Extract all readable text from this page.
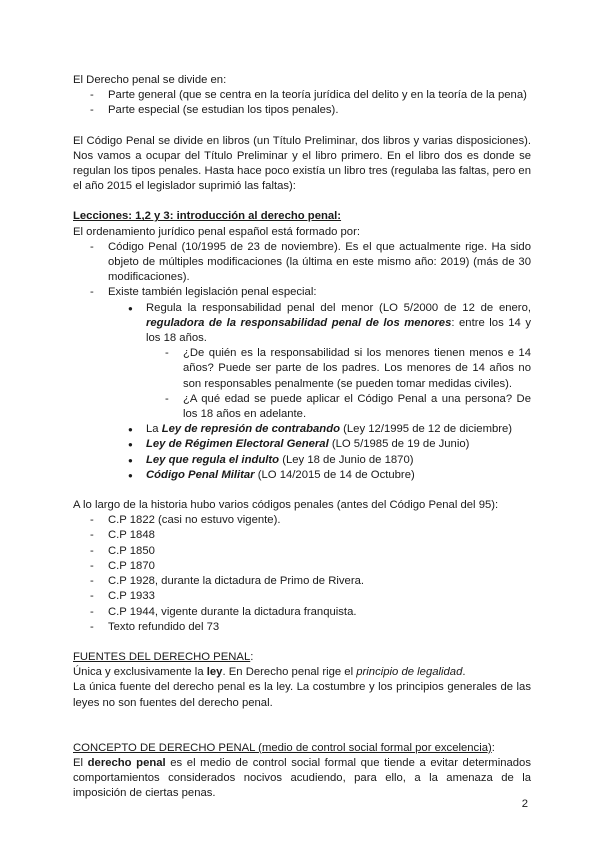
El Derecho penal se divide en:

- Parte general (que se centra en la teoría jurídica del delito y en la teoría de la pena)
- Parte especial (se estudian los tipos penales).

El Código Penal se divide en libros (un Título Preliminar, dos libros y varias disposiciones). Nos vamos a ocupar del Título Preliminar y el libro primero. En el libro dos es donde se regulan los tipos penales. Hasta hace poco existía un libro tres (regulaba las faltas, pero en el año 2015 el legislador suprimió las faltas):

Lecciones: 1,2 y 3: introducción al derecho penal:

El ordenamiento jurídico penal español está formado por:

- Código Penal (10/1995 de 23 de noviembre). Es el que actualmente rige. Ha sido objeto de múltiples modificaciones (la última en este mismo año: 2019) (más de 30 modificaciones).
- Existe también legislación penal especial:
● Regula la responsabilidad penal del menor (LO 5/2000 de 12 de enero, reguladora de la responsabilidad penal de los menores: entre los 14 y los 18 años.
- ¿De quién es la responsabilidad si los menores tienen menos e 14 años? Puede ser parte de los padres. Los menores de 14 años no son responsables penalmente (se pueden tomar medidas civiles).
- ¿A qué edad se puede aplicar el Código Penal a una persona? De los 18 años en adelante.
● La Ley de represión de contrabando (Ley 12/1995 de 12 de diciembre)
● Ley de Régimen Electoral General (LO 5/1985 de 19 de Junio)
● Ley que regula el indulto (Ley 18 de Junio de 1870)
● Código Penal Militar (LO 14/2015 de 14 de Octubre)

A lo largo de la historia hubo varios códigos penales (antes del Código Penal del 95):

- C.P 1822 (casi no estuvo vigente).
- C.P 1848
- C.P 1850
- C.P 1870
- C.P 1928, durante la dictadura de Primo de Rivera.
- C.P 1933
- C.P 1944, vigente durante la dictadura franquista.
- Texto refundido del 73

FUENTES DEL DERECHO PENAL:

Única y exclusivamente la ley. En Derecho penal rige el principio de legalidad.

La única fuente del derecho penal es la ley. La costumbre y los principios generales de las leyes no son fuentes del derecho penal.

CONCEPTO DE DERECHO PENAL (medio de control social formal por excelencia):

El derecho penal es el medio de control social formal que tiende a evitar determinados comportamientos considerados nocivos acudiendo, para ello, a la amenaza de la imposición de ciertas penas.

2
